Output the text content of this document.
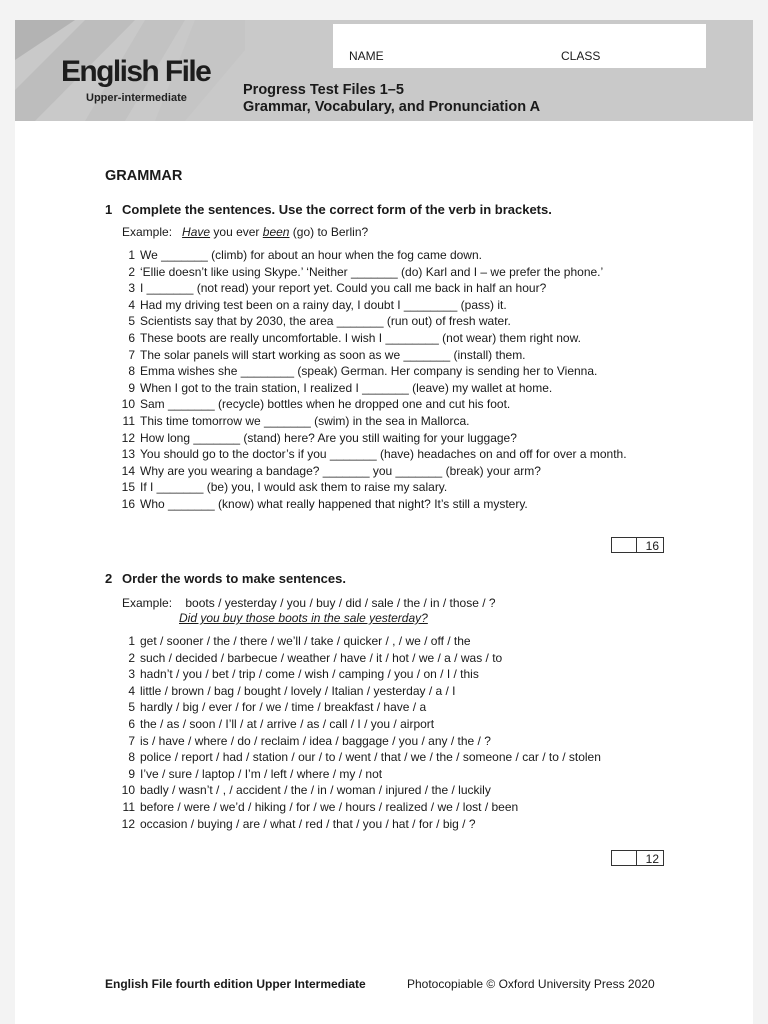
NAME	CLASS
English File
Upper-intermediate	Progress Test Files 1–5
Grammar, Vocabulary, and Pronunciation A
GRAMMAR
1 Complete the sentences. Use the correct form of the verb in brackets.
Example: Have you ever been (go) to Berlin?
1 We _______ (climb) for about an hour when the fog came down.
2 ‘Ellie doesn’t like using Skype.’ ‘Neither _______ (do) Karl and I – we prefer the phone.’
3 I _______ (not read) your report yet. Could you call me back in half an hour?
4 Had my driving test been on a rainy day, I doubt I ________ (pass) it.
5 Scientists say that by 2030, the area _______ (run out) of fresh water.
6 These boots are really uncomfortable. I wish I ________ (not wear) them right now.
7 The solar panels will start working as soon as we _______ (install) them.
8 Emma wishes she ________ (speak) German. Her company is sending her to Vienna.
9 When I got to the train station, I realized I _______ (leave) my wallet at home.
10 Sam _______ (recycle) bottles when he dropped one and cut his foot.
11 This time tomorrow we _______ (swim) in the sea in Mallorca.
12 How long _______ (stand) here? Are you still waiting for your luggage?
13 You should go to the doctor’s if you _______ (have) headaches on and off for over a month.
14 Why are you wearing a bandage? _______ you _______ (break) your arm?
15 If I _______ (be) you, I would ask them to raise my salary.
16 Who _______ (know) what really happened that night? It’s still a mystery.
16
2 Order the words to make sentences.
Example: boots / yesterday / you / buy / did / sale / the / in / those / ?
Did you buy those boots in the sale yesterday?
1 get / sooner / the / there / we’ll / take / quicker / , / we / off / the
2 such / decided / barbecue / weather / have / it / hot / we / a / was / to
3 hadn’t / you / bet / trip / come / wish / camping / you / on / I / this
4 little / brown / bag / bought / lovely / Italian / yesterday / a / I
5 hardly / big / ever / for / we / time / breakfast / have / a
6 the / as / soon / I’ll / at / arrive / as / call / I / you / airport
7 is / have / where / do / reclaim / idea / baggage / you / any / the / ?
8 police / report / had / station / our / to / went / that / we / the / someone / car / to / stolen
9 I’ve / sure / laptop / I’m / left / where / my / not
10 badly / wasn’t / , / accident / the / in / woman / injured / the / luckily
11 before / were / we’d / hiking / for / we / hours / realized / we / lost / been
12 occasion / buying / are / what / red / that / you / hat / for / big / ?
12
English File fourth edition Upper Intermediate	Photocopiable © Oxford University Press 2020
